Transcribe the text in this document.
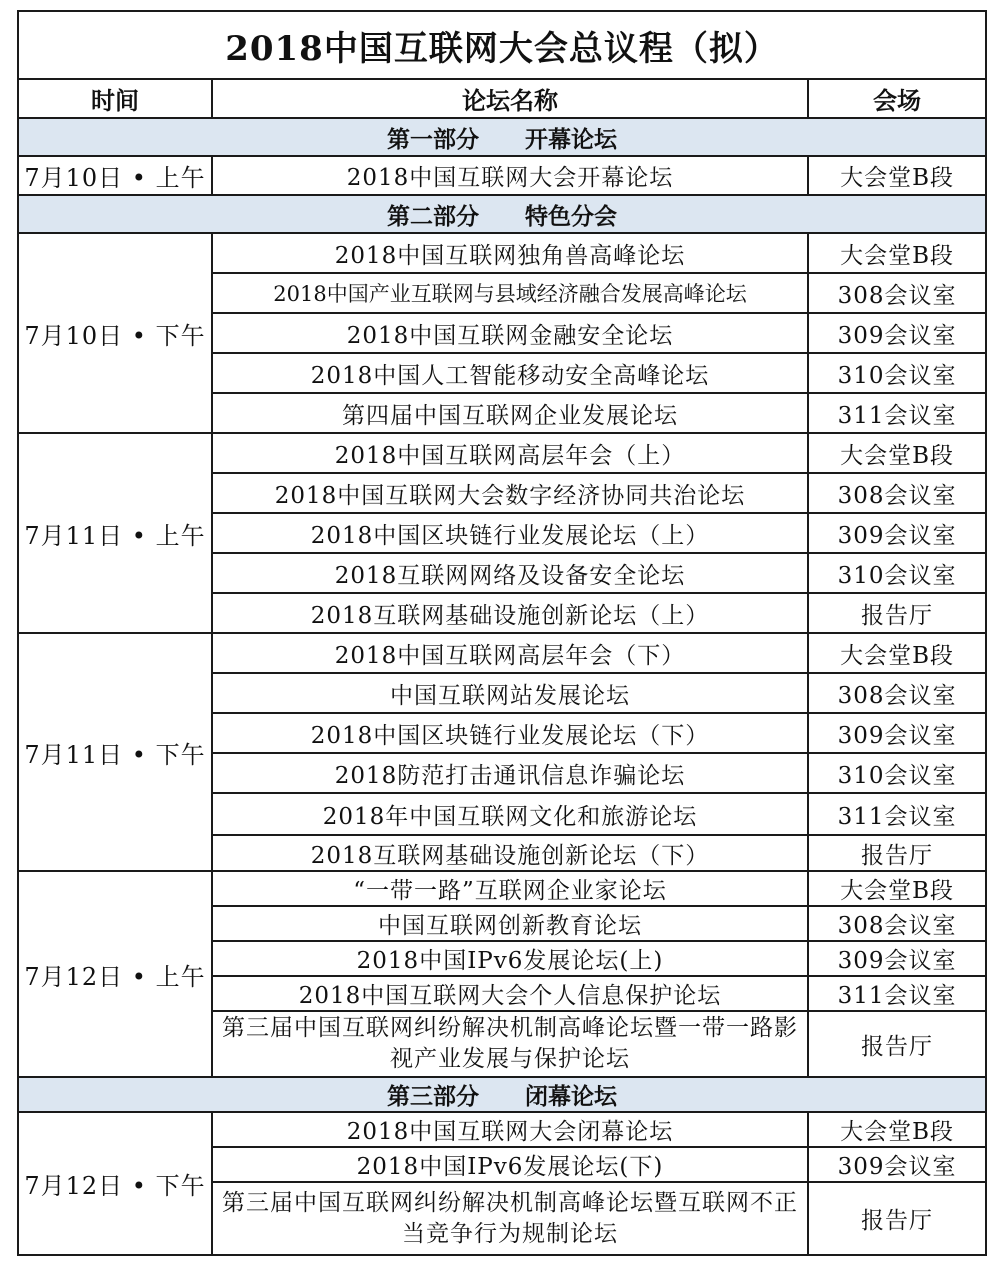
2018中国互联网大会总议程（拟）		
时间	论坛名称	会场
第一部分 开幕论坛		
7月10日 • 上午	2018中国互联网大会开幕论坛	大会堂B段
第二部分 特色分会		
7月10日 • 下午	2018中国互联网独角兽高峰论坛	大会堂B段
	2018中国产业互联网与县域经济融合发展高峰论坛	308会议室
	2018中国互联网金融安全论坛	309会议室
	2018中国人工智能移动安全高峰论坛	310会议室
	第四届中国互联网企业发展论坛	311会议室
7月11日 • 上午	2018中国互联网高层年会（上）	大会堂B段
	2018中国互联网大会数字经济协同共治论坛	308会议室
	2018中国区块链行业发展论坛（上）	309会议室
	2018互联网网络及设备安全论坛	310会议室
	2018互联网基础设施创新论坛（上）	报告厅
7月11日 • 下午	2018中国互联网高层年会（下）	大会堂B段
	中国互联网站发展论坛	308会议室
	2018中国区块链行业发展论坛（下）	309会议室
	2018防范打击通讯信息诈骗论坛	310会议室
	2018年中国互联网文化和旅游论坛	311会议室
	2018互联网基础设施创新论坛（下）	报告厅
7月12日 • 上午	“一带一路”互联网企业家论坛	大会堂B段
	中国互联网创新教育论坛	308会议室
	2018中国IPv6发展论坛(上)	309会议室
	2018中国互联网大会个人信息保护论坛	311会议室
	第三届中国互联网纠纷解决机制高峰论坛暨一带一路影视产业发展与保护论坛	报告厅
第三部分 闭幕论坛		
7月12日 • 下午	2018中国互联网大会闭幕论坛	大会堂B段
	2018中国IPv6发展论坛(下)	309会议室
	第三届中国互联网纠纷解决机制高峰论坛暨互联网不正当竞争行为规制论坛	报告厅
